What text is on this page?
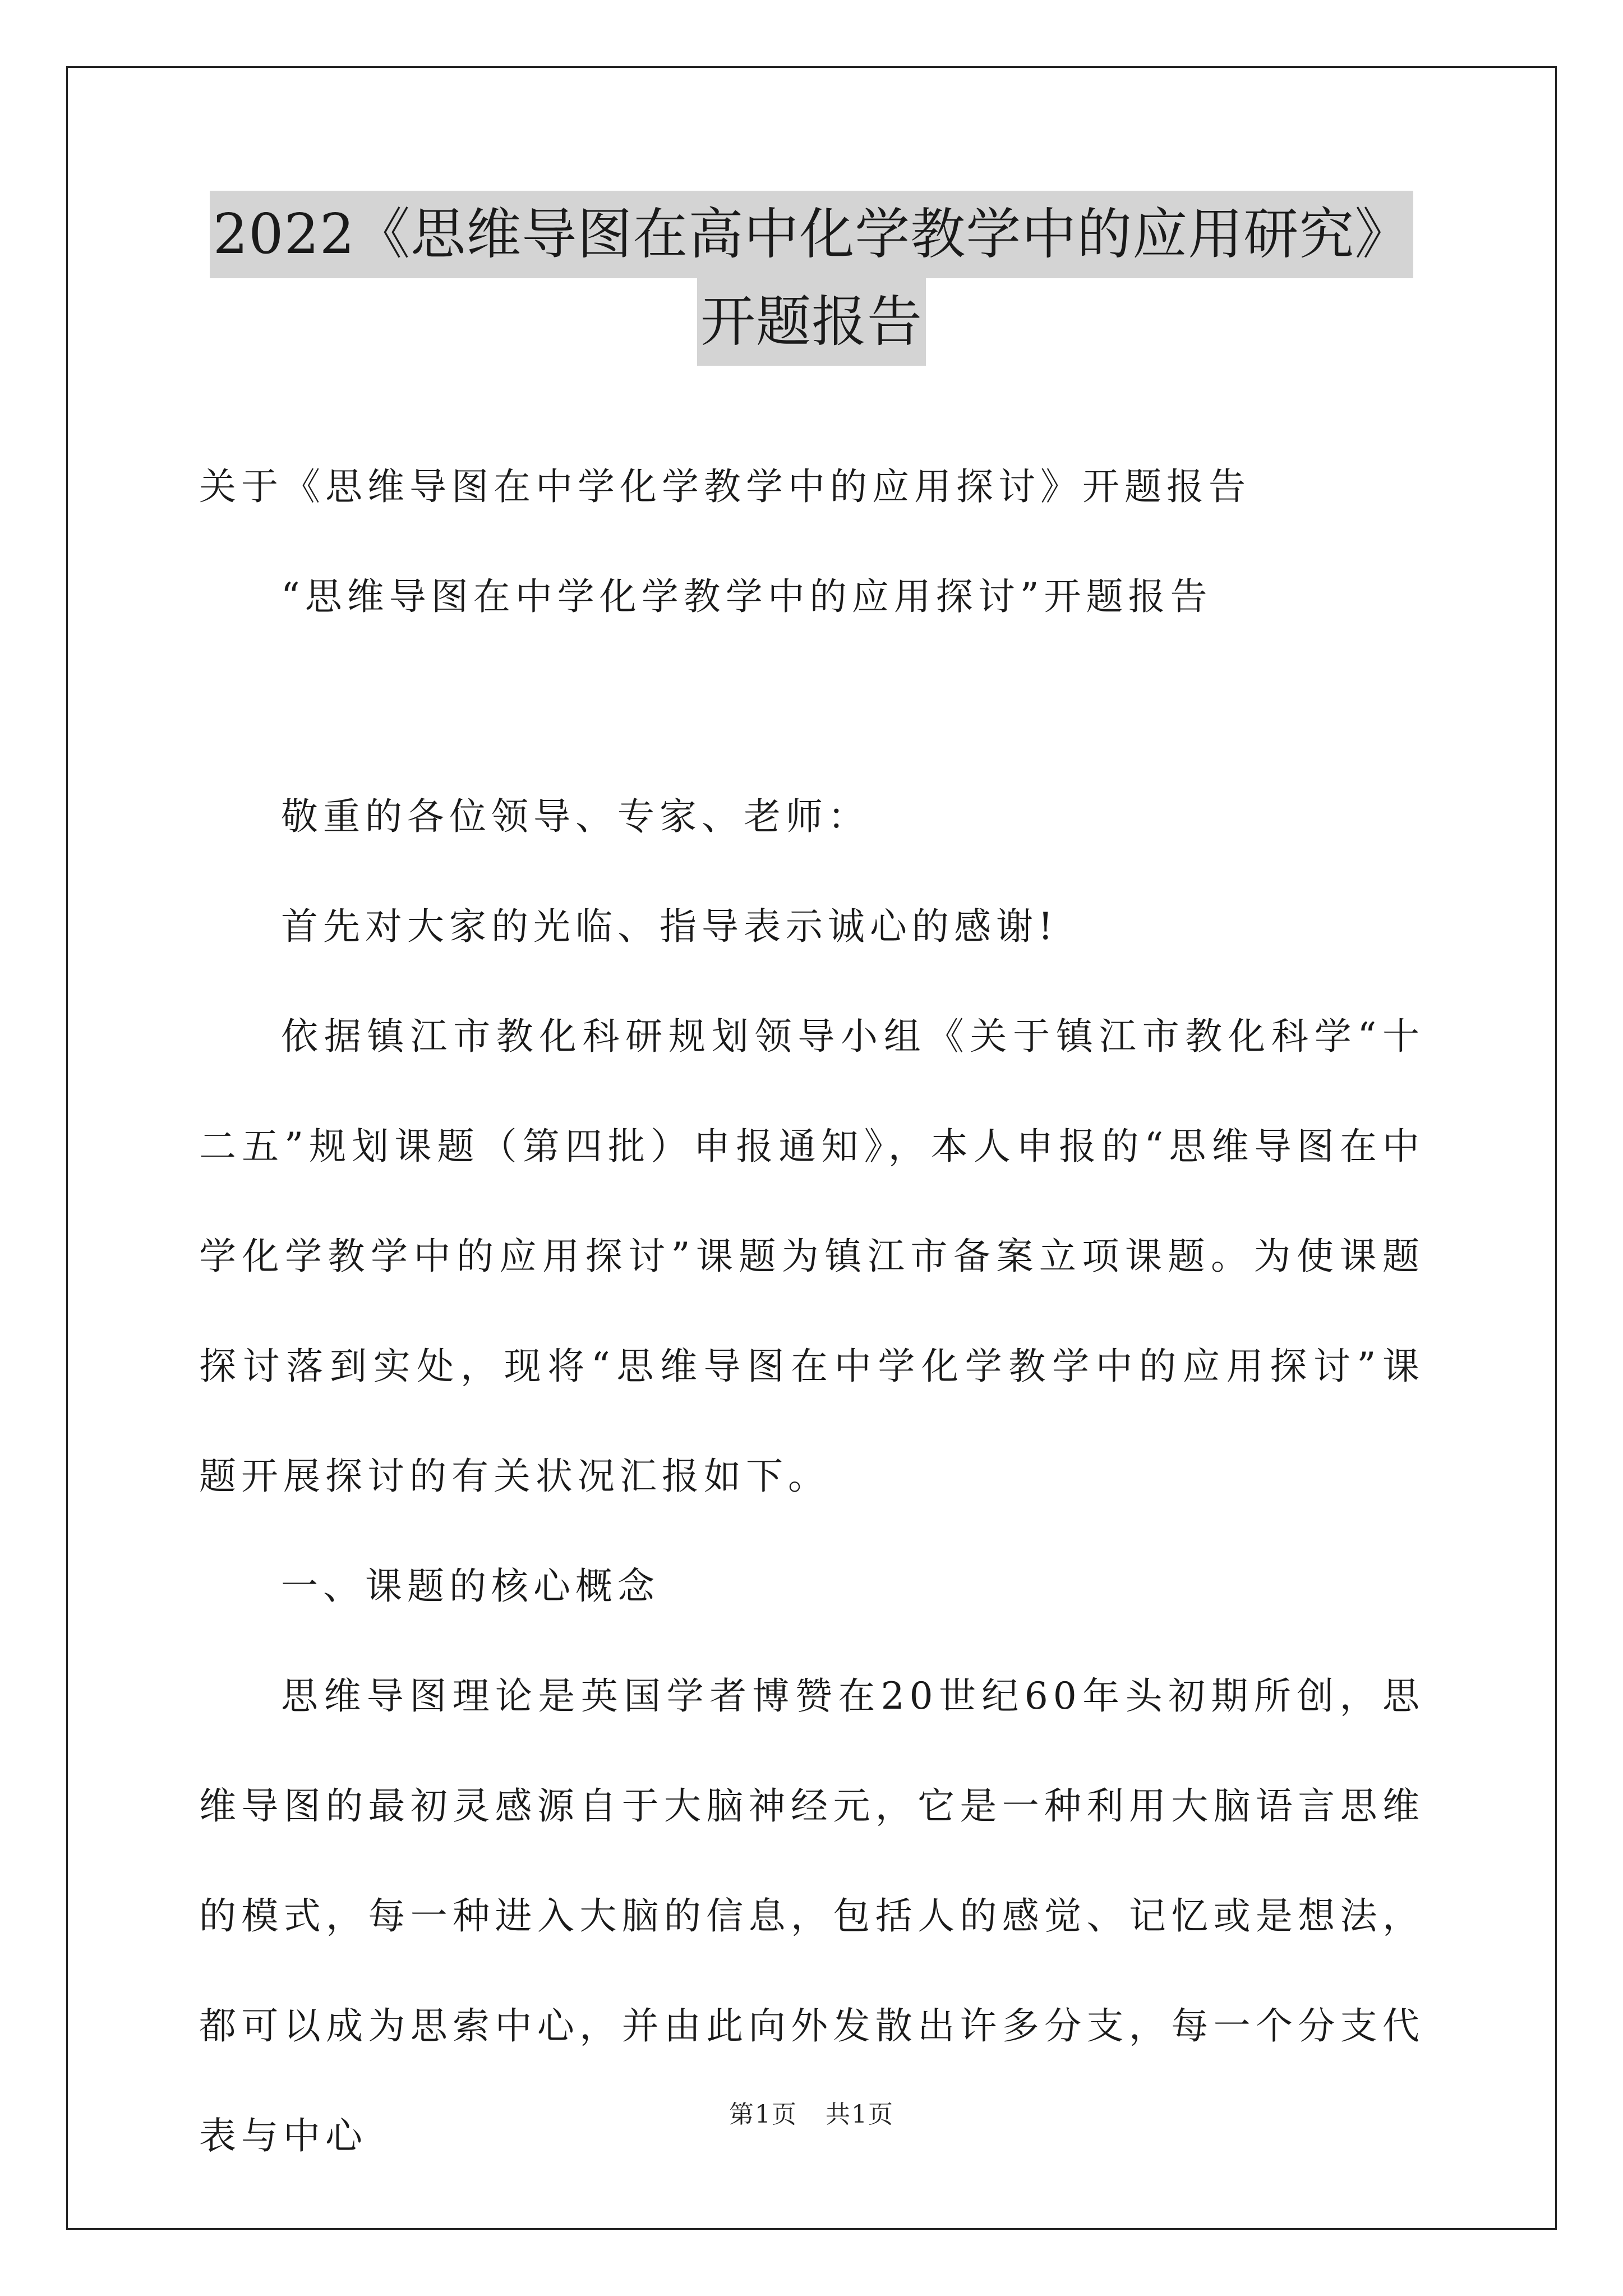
2022《思维导图在高中化学教学中的应用研究》
开题报告

关于《思维导图在中学化学教学中的应用探讨》开题报告

“思维导图在中学化学教学中的应用探讨”开题报告

敬重的各位领导、专家、老师：

首先对大家的光临、指导表示诚心的感谢!

依据镇江市教化科研规划领导小组《关于镇江市教化科学“十二五”规划课题（第四批）申报通知》，本人申报的“思维导图在中学化学教学中的应用探讨”课题为镇江市备案立项课题。为使课题探讨落到实处，现将“思维导图在中学化学教学中的应用探讨”课题开展探讨的有关状况汇报如下。

一、课题的核心概念

思维导图理论是英国学者博赞在20世纪60年头初期所创，思维导图的最初灵感源自于大脑神经元，它是一种利用大脑语言思维的模式，每一种进入大脑的信息，包括人的感觉、记忆或是想法，都可以成为思索中心，并由此向外发散出许多分支，每一个分支代表与中心	第1页 共1页
